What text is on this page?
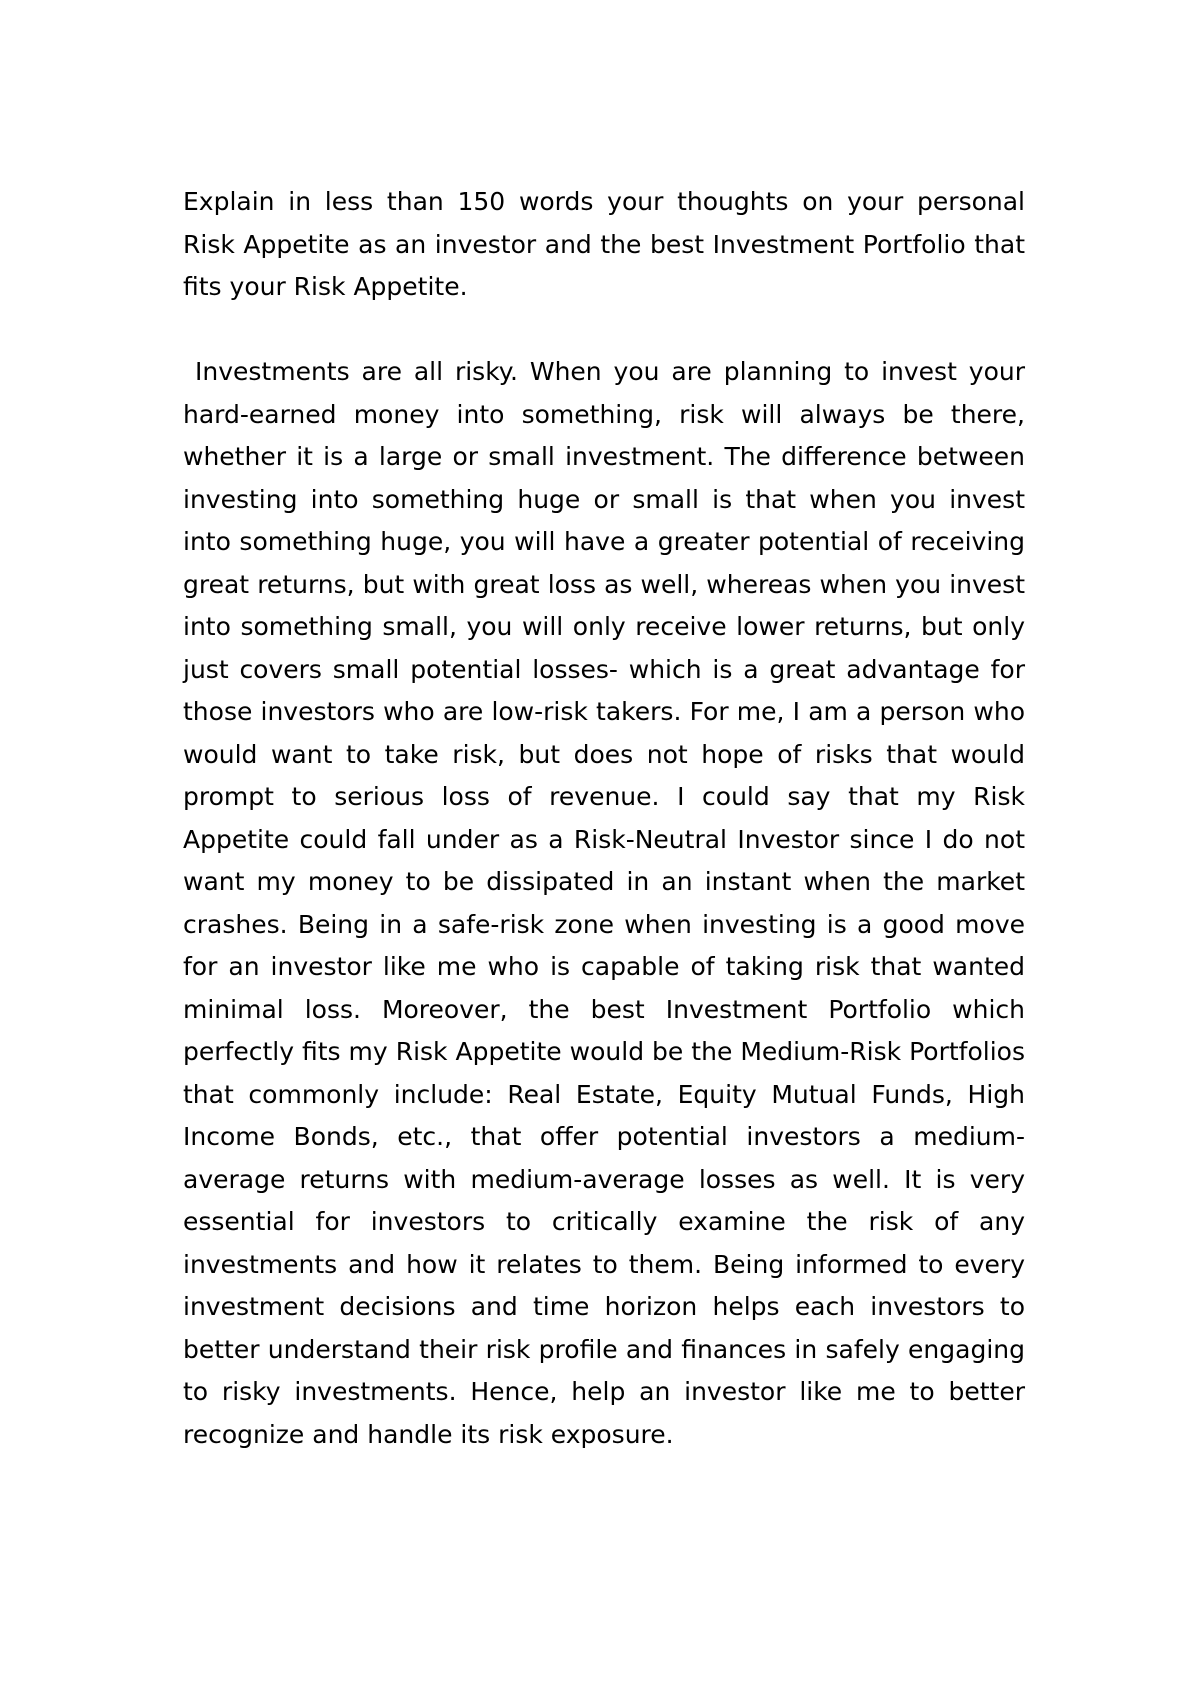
Explain in less than 150 words your thoughts on your personal Risk Appetite as an investor and the best Investment Portfolio that fits your Risk Appetite.

Investments are all risky. When you are planning to invest your hard-earned money into something, risk will always be there, whether it is a large or small investment. The difference between investing into something huge or small is that when you invest into something huge, you will have a greater potential of receiving great returns, but with great loss as well, whereas when you invest into something small, you will only receive lower returns, but only just covers small potential losses- which is a great advantage for those investors who are low-risk takers. For me, I am a person who would want to take risk, but does not hope of risks that would prompt to serious loss of revenue. I could say that my Risk Appetite could fall under as a Risk-Neutral Investor since I do not want my money to be dissipated in an instant when the market crashes. Being in a safe-risk zone when investing is a good move for an investor like me who is capable of taking risk that wanted minimal loss. Moreover, the best Investment Portfolio which perfectly fits my Risk Appetite would be the Medium-Risk Portfolios that commonly include: Real Estate, Equity Mutual Funds, High Income Bonds, etc., that offer potential investors a medium-average returns with medium-average losses as well. It is very essential for investors to critically examine the risk of any investments and how it relates to them. Being informed to every investment decisions and time horizon helps each investors to better understand their risk profile and finances in safely engaging to risky investments. Hence, help an investor like me to better recognize and handle its risk exposure.
